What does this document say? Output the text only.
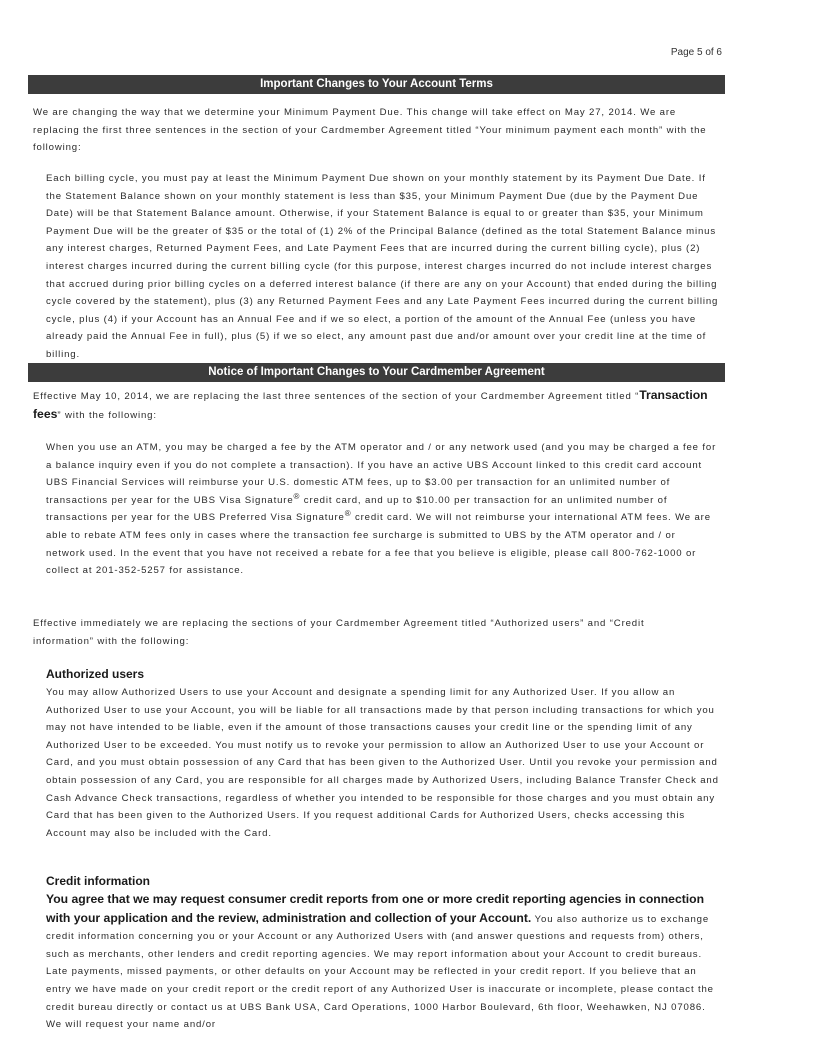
Page 5 of 6
Important Changes to Your Account Terms

We are changing the way that we determine your Minimum Payment Due. This change will take effect on May 27, 2014. We are replacing the first three sentences in the section of your Cardmember Agreement titled “Your minimum payment each month” with the following:

Each billing cycle, you must pay at least the Minimum Payment Due shown on your monthly statement by its Payment Due Date. If the Statement Balance shown on your monthly statement is less than $35, your Minimum Payment Due (due by the Payment Due Date) will be that Statement Balance amount. Otherwise, if your Statement Balance is equal to or greater than $35, your Minimum Payment Due will be the greater of $35 or the total of (1) 2% of the Principal Balance (defined as the total Statement Balance minus any interest charges, Returned Payment Fees, and Late Payment Fees that are incurred during the current billing cycle), plus (2) interest charges incurred during the current billing cycle (for this purpose, interest charges incurred do not include interest charges that accrued during prior billing cycles on a deferred interest balance (if there are any on your Account) that ended during the billing cycle covered by the statement), plus (3) any Returned Payment Fees and any Late Payment Fees incurred during the current billing cycle, plus (4) if your Account has an Annual Fee and if we so elect, a portion of the amount of the Annual Fee (unless you have already paid the Annual Fee in full), plus (5) if we so elect, any amount past due and/or amount over your credit line at the time of billing.

Notice of Important Changes to Your Cardmember Agreement

Effective May 10, 2014, we are replacing the last three sentences of the section of your Cardmember Agreement titled “Transaction fees” with the following:

When you use an ATM, you may be charged a fee by the ATM operator and / or any network used (and you may be charged a fee for a balance inquiry even if you do not complete a transaction). If you have an active UBS Account linked to this credit card account UBS Financial Services will reimburse your U.S. domestic ATM fees, up to $3.00 per transaction for an unlimited number of transactions per year for the UBS Visa Signature® credit card, and up to $10.00 per transaction for an unlimited number of transactions per year for the UBS Preferred Visa Signature® credit card. We will not reimburse your international ATM fees. We are able to rebate ATM fees only in cases where the transaction fee surcharge is submitted to UBS by the ATM operator and / or network used. In the event that you have not received a rebate for a fee that you believe is eligible, please call 800-762-1000 or collect at 201-352-5257 for assistance.

Effective immediately we are replacing the sections of your Cardmember Agreement titled “Authorized users” and “Credit information” with the following:

Authorized users

You may allow Authorized Users to use your Account and designate a spending limit for any Authorized User. If you allow an Authorized User to use your Account, you will be liable for all transactions made by that person including transactions for which you may not have intended to be liable, even if the amount of those transactions causes your credit line or the spending limit of any Authorized User to be exceeded. You must notify us to revoke your permission to allow an Authorized User to use your Account or Card, and you must obtain possession of any Card that has been given to the Authorized User. Until you revoke your permission and obtain possession of any Card, you are responsible for all charges made by Authorized Users, including Balance Transfer Check and Cash Advance Check transactions, regardless of whether you intended to be responsible for those charges and you must obtain any Card that has been given to the Authorized Users. If you request additional Cards for Authorized Users, checks accessing this Account may also be included with the Card.

Credit information

You agree that we may request consumer credit reports from one or more credit reporting agencies in connection with your application and the review, administration and collection of your Account. You also authorize us to exchange credit information concerning you or your Account or any Authorized Users with (and answer questions and requests from) others, such as merchants, other lenders and credit reporting agencies. We may report information about your Account to credit bureaus. Late payments, missed payments, or other defaults on your Account may be reflected in your credit report. If you believe that an entry we have made on your credit report or the credit report of any Authorized User is inaccurate or incomplete, please contact the credit bureau directly or contact us at UBS Bank USA, Card Operations, 1000 Harbor Boulevard, 6th floor, Weehawken, NJ 07086. We will request your name and/or
